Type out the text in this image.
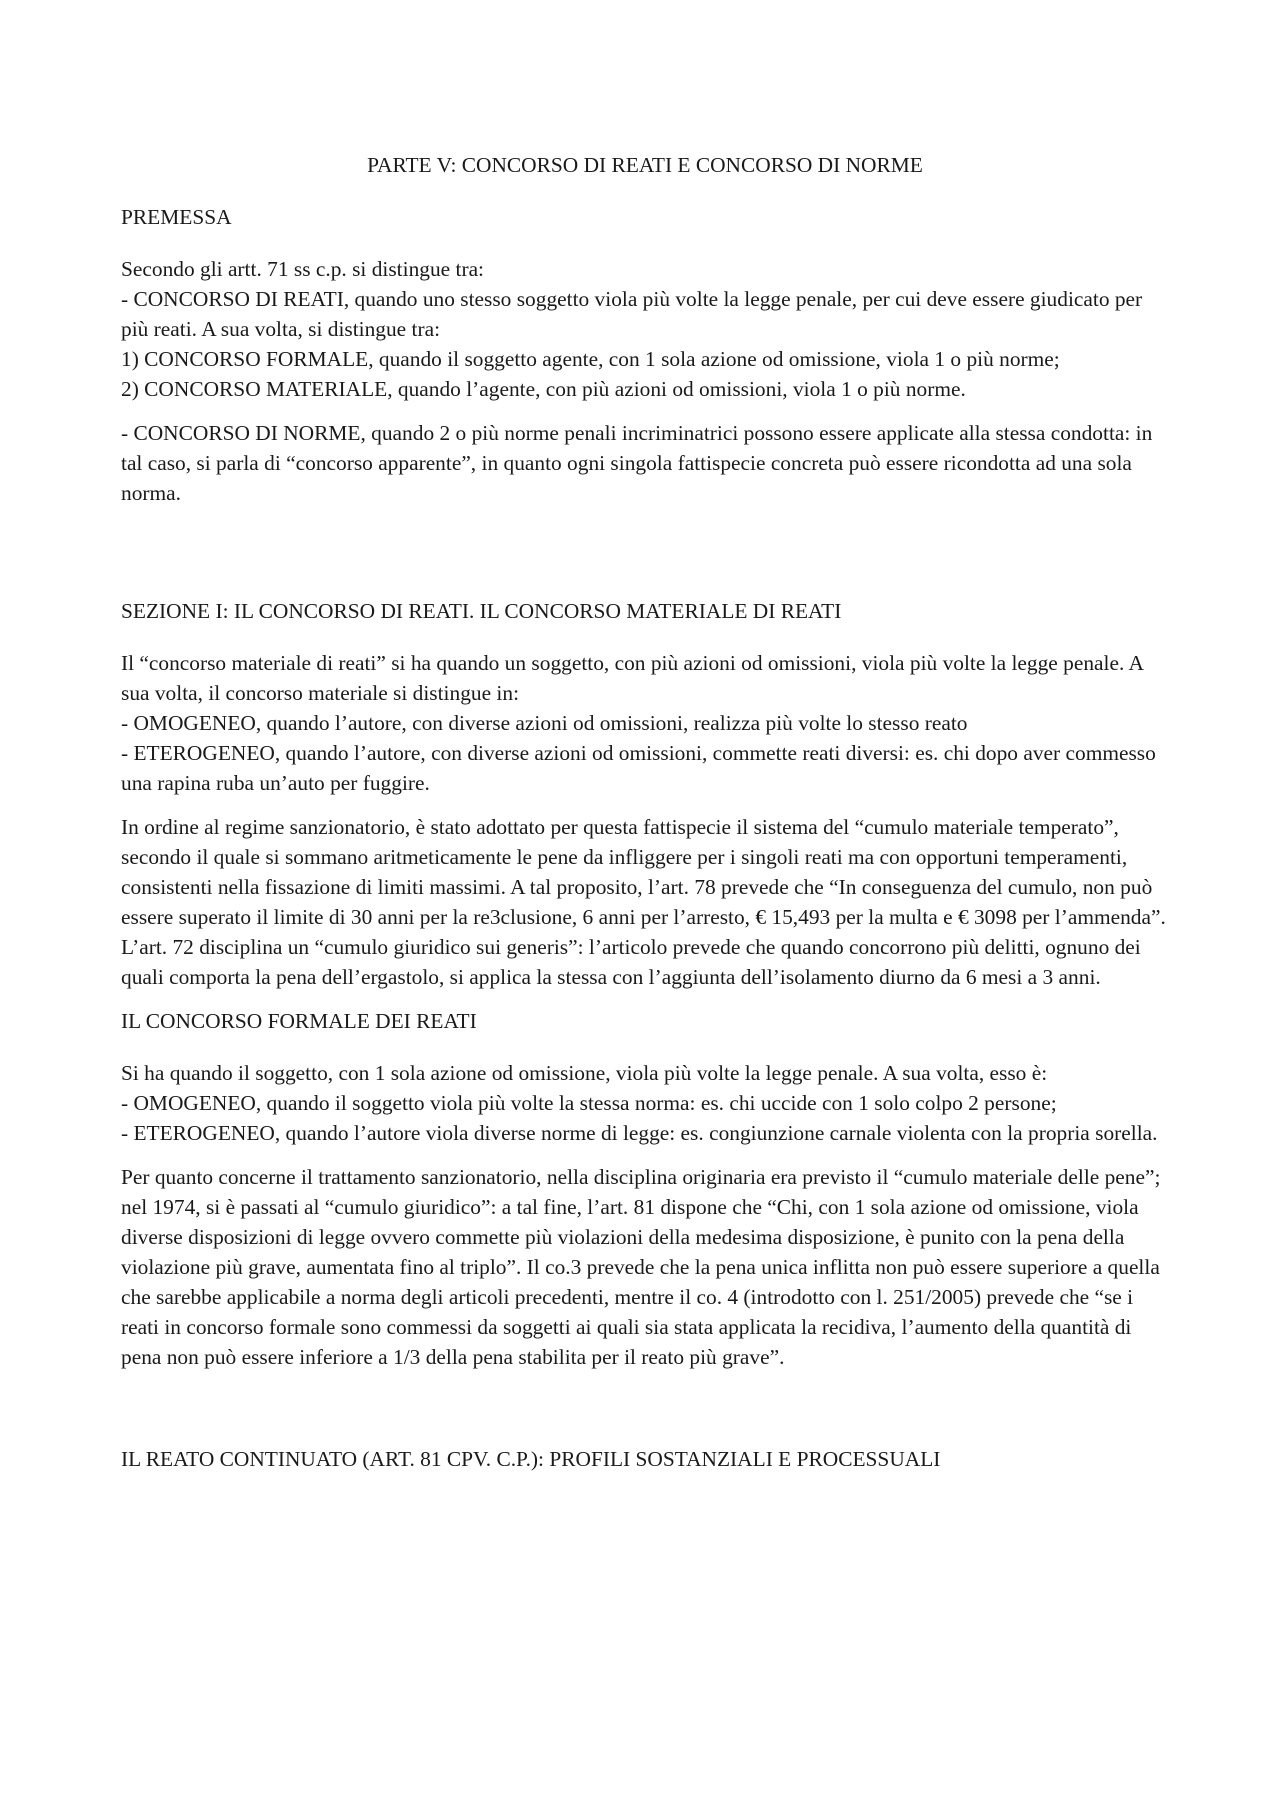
PARTE V: CONCORSO DI REATI E CONCORSO DI NORME
PREMESSA

Secondo gli artt. 71 ss c.p. si distingue tra:
- CONCORSO DI REATI, quando uno stesso soggetto viola più volte la legge penale, per cui deve essere giudicato per più reati. A sua volta, si distingue tra:
1) CONCORSO FORMALE, quando il soggetto agente, con 1 sola azione od omissione, viola 1 o più norme;
2) CONCORSO MATERIALE, quando l’agente, con più azioni od omissioni, viola 1 o più norme.

- CONCORSO DI NORME, quando 2 o più norme penali incriminatrici possono essere applicate alla stessa condotta: in tal caso, si parla di “concorso apparente”, in quanto ogni singola fattispecie concreta può essere ricondotta ad una sola norma.

SEZIONE I: IL CONCORSO DI REATI. IL CONCORSO MATERIALE DI REATI

Il “concorso materiale di reati” si ha quando un soggetto, con più azioni od omissioni, viola più volte la legge penale. A sua volta, il concorso materiale si distingue in:
- OMOGENEO, quando l’autore, con diverse azioni od omissioni, realizza più volte lo stesso reato
- ETEROGENEO, quando l’autore, con diverse azioni od omissioni, commette reati diversi: es. chi dopo aver commesso una rapina ruba un’auto per fuggire.

In ordine al regime sanzionatorio, è stato adottato per questa fattispecie il sistema del “cumulo materiale temperato”, secondo il quale si sommano aritmeticamente le pene da infliggere per i singoli reati ma con opportuni temperamenti, consistenti nella fissazione di limiti massimi. A tal proposito, l’art. 78 prevede che “In conseguenza del cumulo, non può essere superato il limite di 30 anni per la re3clusione, 6 anni per l’arresto, € 15,493 per la multa e € 3098 per l’ammenda”. L’art. 72 disciplina un “cumulo giuridico sui generis”: l’articolo prevede che quando concorrono più delitti, ognuno dei quali comporta la pena dell’ergastolo, si applica la stessa con l’aggiunta dell’isolamento diurno da 6 mesi a 3 anni.

IL CONCORSO FORMALE DEI REATI

Si ha quando il soggetto, con 1 sola azione od omissione, viola più volte la legge penale. A sua volta, esso è:
- OMOGENEO, quando il soggetto viola più volte la stessa norma: es. chi uccide con 1 solo colpo 2 persone;
- ETEROGENEO, quando l’autore viola diverse norme di legge: es. congiunzione carnale violenta con la propria sorella.

Per quanto concerne il trattamento sanzionatorio, nella disciplina originaria era previsto il “cumulo materiale delle pene”; nel 1974, si è passati al “cumulo giuridico”: a tal fine, l’art. 81 dispone che “Chi, con 1 sola azione od omissione, viola diverse disposizioni di legge ovvero commette più violazioni della medesima disposizione, è punito con la pena della violazione più grave, aumentata fino al triplo”. Il co.3 prevede che la pena unica inflitta non può essere superiore a quella che sarebbe applicabile a norma degli articoli precedenti, mentre il co. 4 (introdotto con l. 251/2005) prevede che “se i reati in concorso formale sono commessi da soggetti ai quali sia stata applicata la recidiva, l’aumento della quantità di pena non può essere inferiore a 1/3 della pena stabilita per il reato più grave”.

IL REATO CONTINUATO (ART. 81 CPV. C.P.): PROFILI SOSTANZIALI E PROCESSUALI
